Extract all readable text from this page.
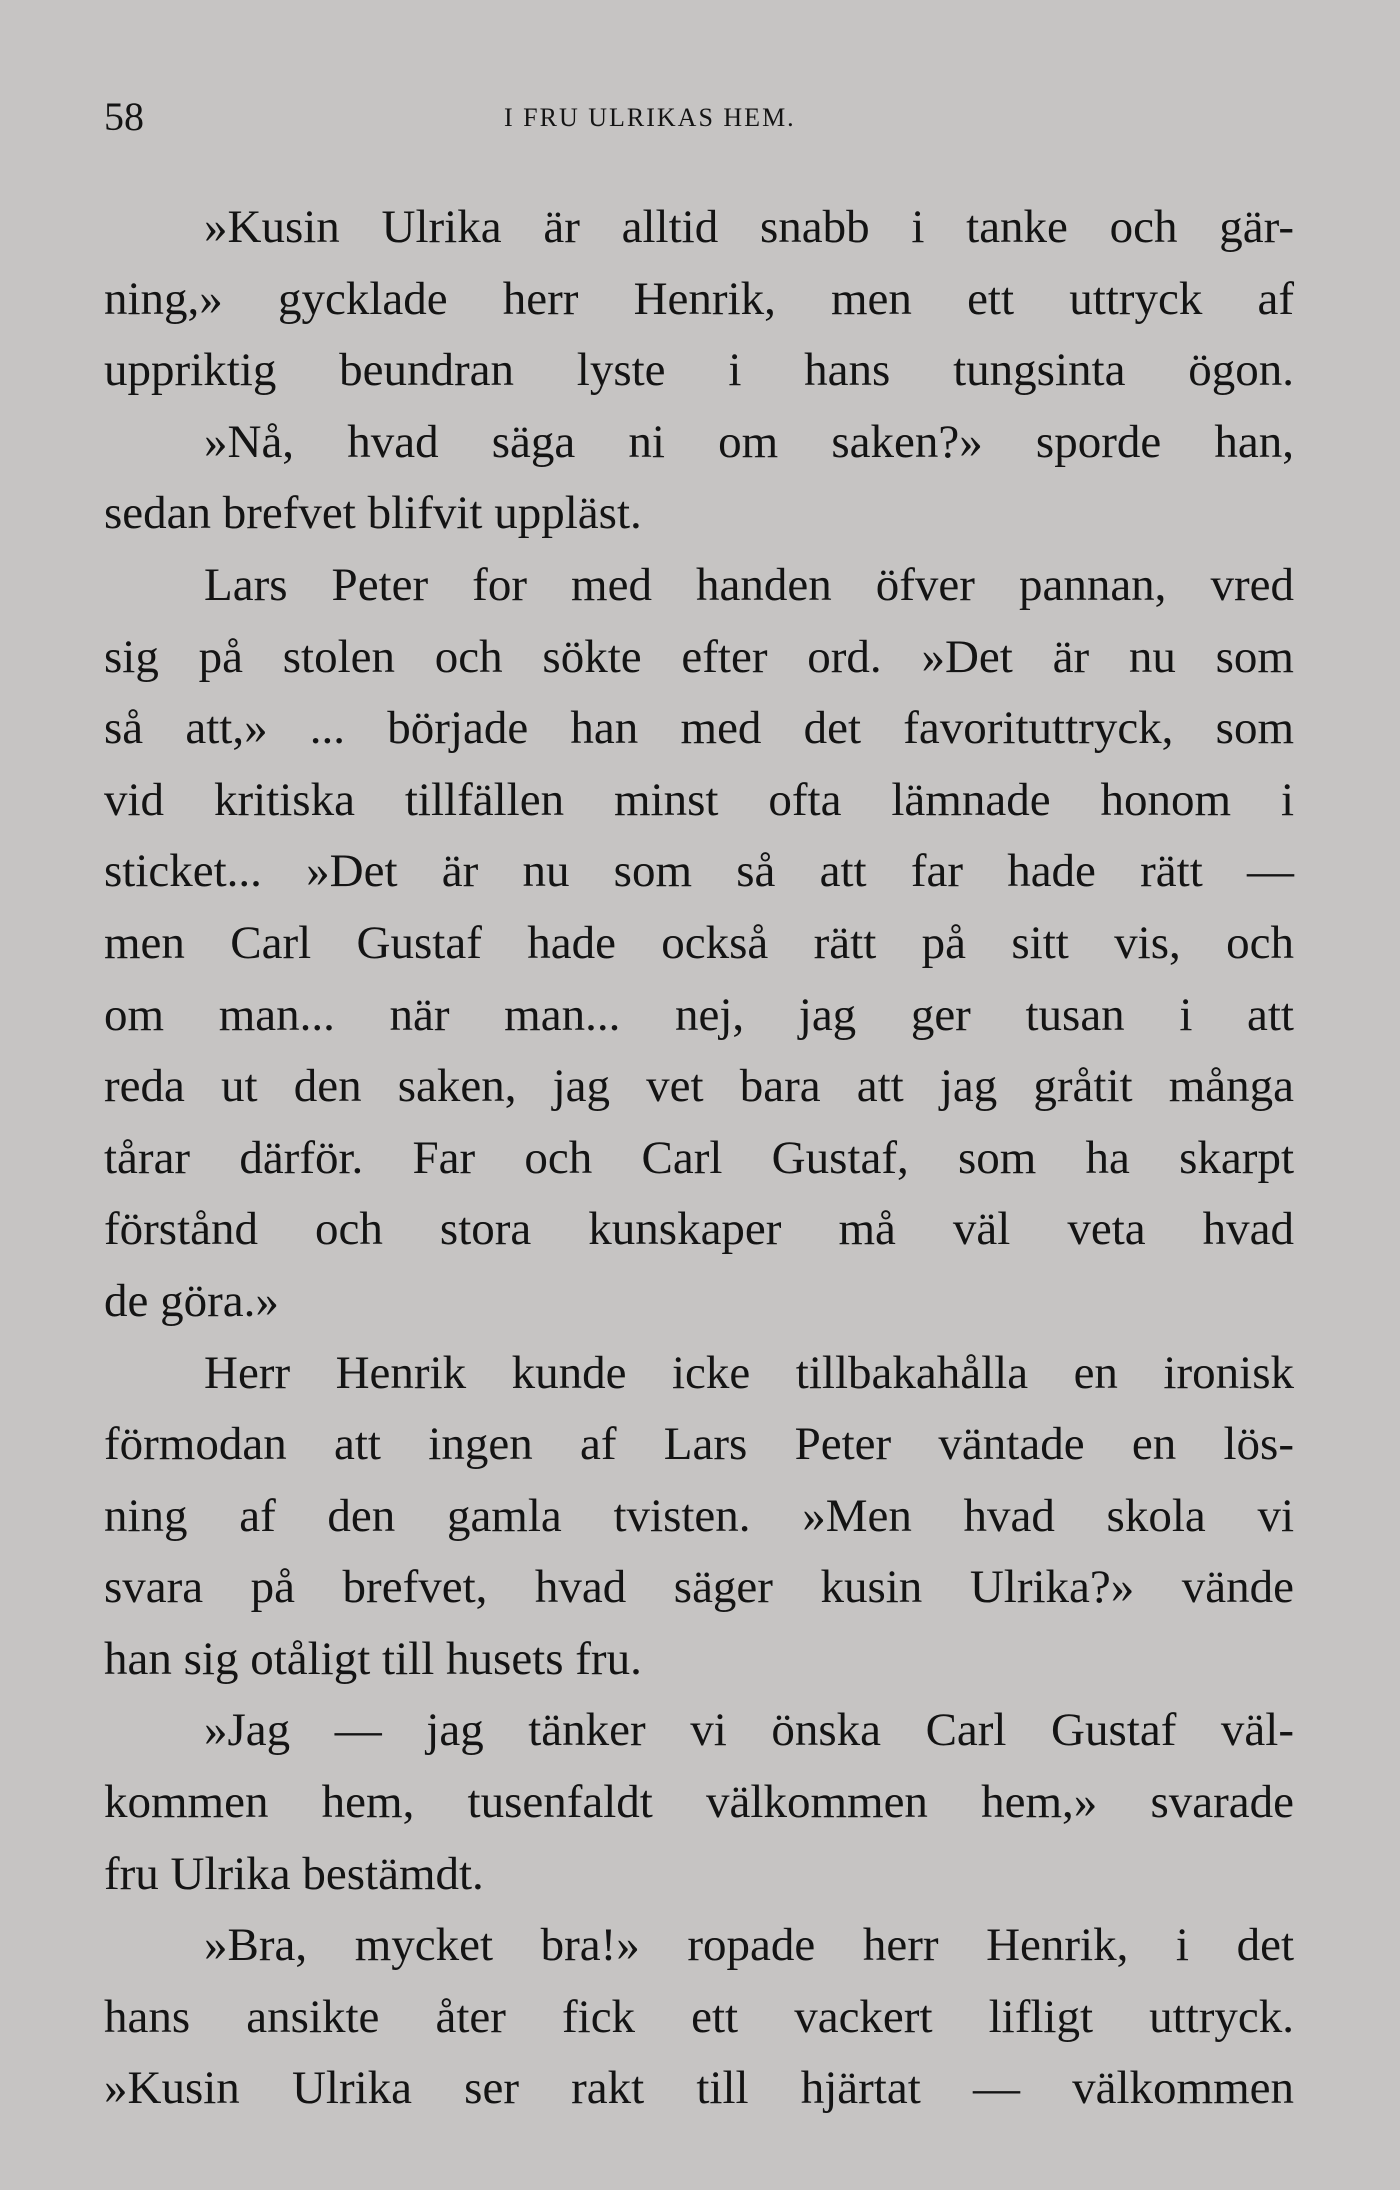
58	I FRU ULRIKAS HEM.
»Kusin Ulrika är alltid snabb i tanke och gär-
ning,» gycklade herr Henrik, men ett uttryck af
uppriktig beundran lyste i hans tungsinta ögon.
»Nå, hvad säga ni om saken?» sporde han,
sedan brefvet blifvit uppläst.
Lars Peter for med handen öfver pannan, vred
sig på stolen och sökte efter ord. »Det är nu som
så att,» ... började han med det favorituttryck, som
vid kritiska tillfällen minst ofta lämnade honom i
sticket... »Det är nu som så att far hade rätt —
men Carl Gustaf hade också rätt på sitt vis, och
om man... när man... nej, jag ger tusan i att
reda ut den saken, jag vet bara att jag gråtit många
tårar därför. Far och Carl Gustaf, som ha skarpt
förstånd och stora kunskaper må väl veta hvad
de göra.»
Herr Henrik kunde icke tillbakahålla en ironisk
förmodan att ingen af Lars Peter väntade en lös-
ning af den gamla tvisten. »Men hvad skola vi
svara på brefvet, hvad säger kusin Ulrika?» vände
han sig otåligt till husets fru.
»Jag — jag tänker vi önska Carl Gustaf väl-
kommen hem, tusenfaldt välkommen hem,» svarade
fru Ulrika bestämdt.
»Bra, mycket bra!» ropade herr Henrik, i det
hans ansikte åter fick ett vackert lifligt uttryck.
»Kusin Ulrika ser rakt till hjärtat — välkommen
